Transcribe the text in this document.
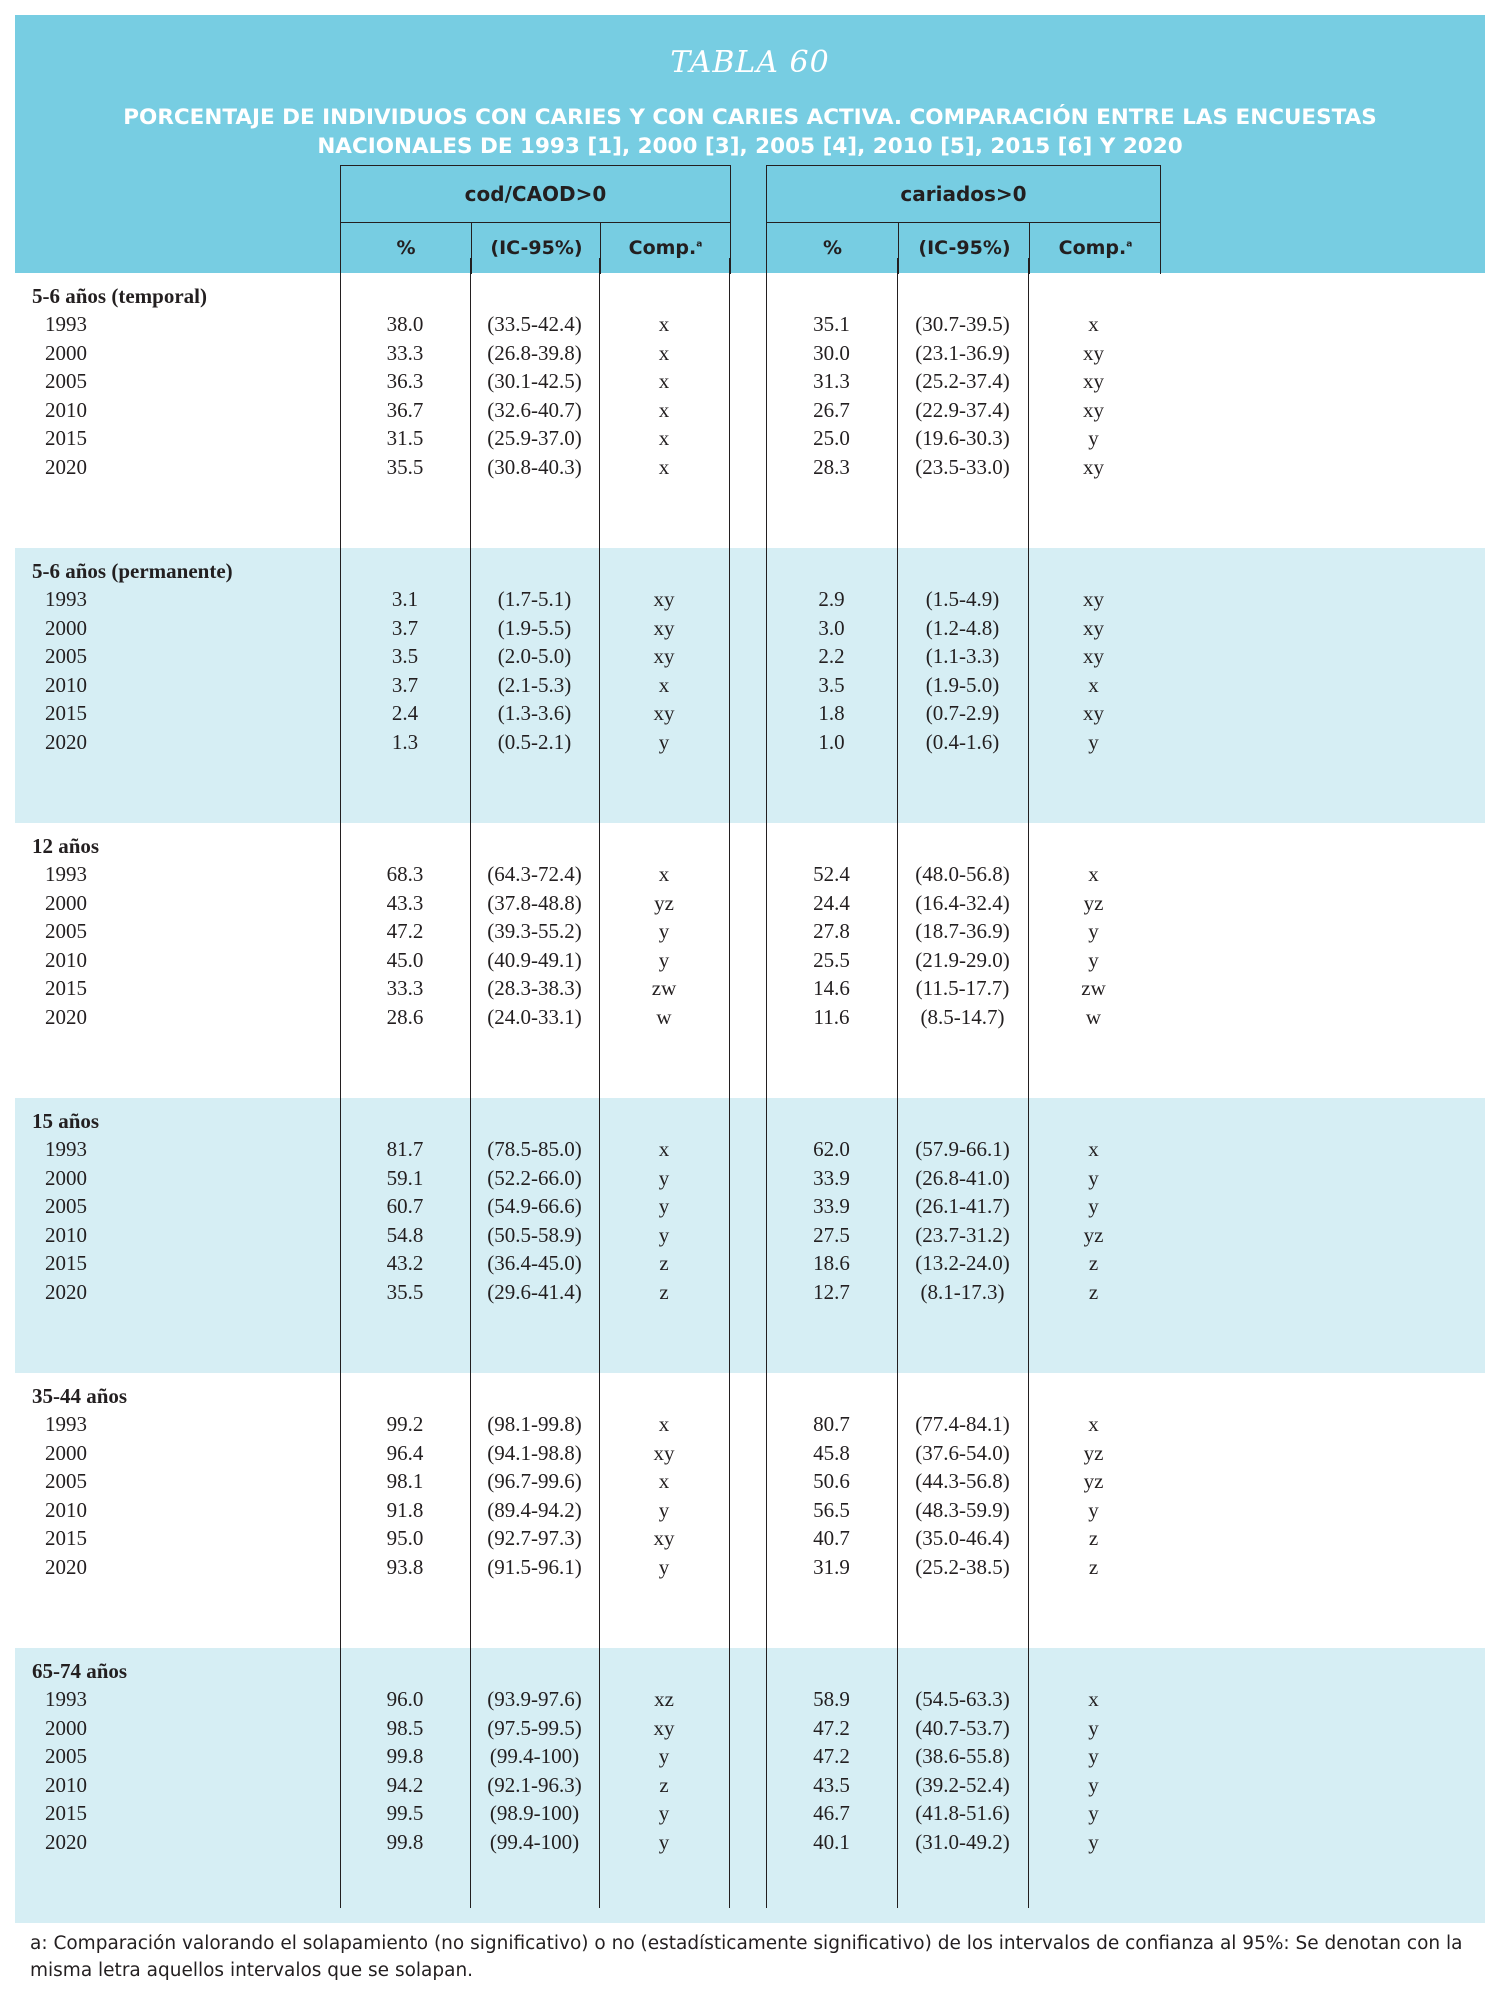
TABLA 60
PORCENTAJE DE INDIVIDUOS CON CARIES Y CON CARIES ACTIVA. COMPARACIÓN ENTRE LAS ENCUESTAS
NACIONALES DE 1993 [1], 2000 [3], 2005 [4], 2010 [5], 2015 [6] Y 2020
cod/CAOD>0
%	(IC-95%)	Comp.$^a$
cariados>0
%	(IC-95%)	Comp.$^a$
5-6 años (temporal)
1993	38.0	(33.5-42.4)	x	35.1	(30.7-39.5)	x
2000	33.3	(26.8-39.8)	x	30.0	(23.1-36.9)	xy
2005	36.3	(30.1-42.5)	x	31.3	(25.2-37.4)	xy
2010	36.7	(32.6-40.7)	x	26.7	(22.9-37.4)	xy
2015	31.5	(25.9-37.0)	x	25.0	(19.6-30.3)	y
2020	35.5	(30.8-40.3)	x	28.3	(23.5-33.0)	xy
5-6 años (permanente)
1993	3.1	(1.7-5.1)	xy	2.9	(1.5-4.9)	xy
2000	3.7	(1.9-5.5)	xy	3.0	(1.2-4.8)	xy
2005	3.5	(2.0-5.0)	xy	2.2	(1.1-3.3)	xy
2010	3.7	(2.1-5.3)	x	3.5	(1.9-5.0)	x
2015	2.4	(1.3-3.6)	xy	1.8	(0.7-2.9)	xy
2020	1.3	(0.5-2.1)	y	1.0	(0.4-1.6)	y
12 años
1993	68.3	(64.3-72.4)	x	52.4	(48.0-56.8)	x
2000	43.3	(37.8-48.8)	yz	24.4	(16.4-32.4)	yz
2005	47.2	(39.3-55.2)	y	27.8	(18.7-36.9)	y
2010	45.0	(40.9-49.1)	y	25.5	(21.9-29.0)	y
2015	33.3	(28.3-38.3)	zw	14.6	(11.5-17.7)	zw
2020	28.6	(24.0-33.1)	w	11.6	(8.5-14.7)	w
15 años
1993	81.7	(78.5-85.0)	x	62.0	(57.9-66.1)	x
2000	59.1	(52.2-66.0)	y	33.9	(26.8-41.0)	y
2005	60.7	(54.9-66.6)	y	33.9	(26.1-41.7)	y
2010	54.8	(50.5-58.9)	y	27.5	(23.7-31.2)	yz
2015	43.2	(36.4-45.0)	z	18.6	(13.2-24.0)	z
2020	35.5	(29.6-41.4)	z	12.7	(8.1-17.3)	z
35-44 años
1993	99.2	(98.1-99.8)	x	80.7	(77.4-84.1)	x
2000	96.4	(94.1-98.8)	xy	45.8	(37.6-54.0)	yz
2005	98.1	(96.7-99.6)	x	50.6	(44.3-56.8)	yz
2010	91.8	(89.4-94.2)	y	56.5	(48.3-59.9)	y
2015	95.0	(92.7-97.3)	xy	40.7	(35.0-46.4)	z
2020	93.8	(91.5-96.1)	y	31.9	(25.2-38.5)	z
65-74 años
1993	96.0	(93.9-97.6)	xz	58.9	(54.5-63.3)	x
2000	98.5	(97.5-99.5)	xy	47.2	(40.7-53.7)	y
2005	99.8	(99.4-100)	y	47.2	(38.6-55.8)	y
2010	94.2	(92.1-96.3)	z	43.5	(39.2-52.4)	y
2015	99.5	(98.9-100)	y	46.7	(41.8-51.6)	y
2020	99.8	(99.4-100)	y	40.1	(31.0-49.2)	y
a: Comparación valorando el solapamiento (no significativo) o no (estadísticamente significativo) de los intervalos de confianza al 95%: Se denotan con la misma letra aquellos intervalos que se solapan.
